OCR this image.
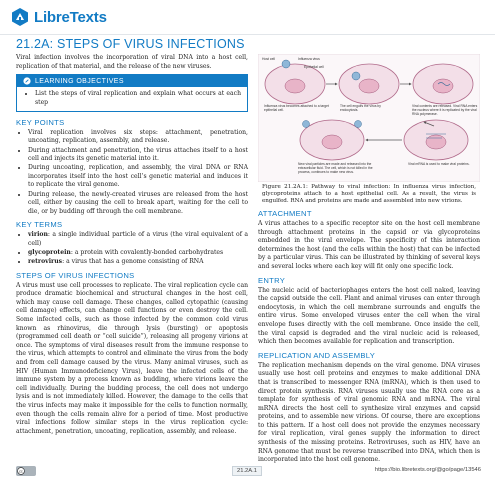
LibreTexts
21.2A: STEPS OF VIRUS INFECTIONS

Viral infection involves the incorporation of viral DNA into a host cell, replication of that material, and the release of the new viruses.

LEARNING OBJECTIVES
• List the steps of viral replication and explain what occurs at each step
KEY POINTS
• Viral replication involves six steps: attachment, penetration, uncoating, replication, assembly, and release.
• During attachment and penetration, the virus attaches itself to a host cell and injects its genetic material into it.
• During uncoating, replication, and assembly, the viral DNA or RNA incorporates itself into the host cell’s genetic material and induces it to replicate the viral genome.
• During release, the newly-created viruses are released from the host cell, either by causing the cell to break apart, waiting for the cell to die, or by budding off through the cell membrane.
KEY TERMS
• virion: a single individual particle of a virus (the viral equivalent of a cell)
• glycoprotein: a protein with covalently-bonded carbohydrates
• retrovirus: a virus that has a genome consisting of RNA
STEPS OF VIRUS INFECTIONS

A virus must use cell processes to replicate. The viral replication cycle can produce dramatic biochemical and structural changes in the host cell, which may cause cell damage. These changes, called cytopathic (causing cell damage) effects, can change cell functions or even destroy the cell. Some infected cells, such as those infected by the common cold virus known as rhinovirus, die through lysis (bursting) or apoptosis (programmed cell death or “cell suicide”), releasing all progeny virions at once. The symptoms of viral diseases result from the immune response to the virus, which attempts to control and eliminate the virus from the body and from cell damage caused by the virus. Many animal viruses, such as HIV (Human Immunodeficiency Virus), leave the infected cells of the immune system by a process known as budding, where virions leave the cell individually. During the budding process, the cell does not undergo lysis and is not immediately killed. However, the damage to the cells that the virus infects may make it impossible for the cells to function normally, even though the cells remain alive for a period of time. Most productive viral infections follow similar steps in the virus replication cycle: attachment, penetration, uncoating, replication, assembly, and release.

Host cell	Influenza virus
Epithelial cell
Influenza virus becomes attached to a target epithelial cell.
The cell engulfs the virus by endocytosis.
Viral contents are released. Viral RNA enters the nucleus where it is replicated by the viral RNA polymerase.
New viral particles are made and released into the extracellular fluid. The cell, which is not killed in the process, continues to make new virus.
Viral mRNA is used to make viral proteins.

Figure 21.2A.1: Pathway to viral infection: In influenza virus infection, glycoproteins attach to a host epithelial cell. As a result, the virus is engulfed. RNA and proteins are made and assembled into new virions.

ATTACHMENT

A virus attaches to a specific receptor site on the host cell membrane through attachment proteins in the capsid or via glycoproteins embedded in the viral envelope. The specificity of this interaction determines the host (and the cells within the host) that can be infected by a particular virus. This can be illustrated by thinking of several keys and several locks where each key will fit only one specific lock.

ENTRY

The nucleic acid of bacteriophages enters the host cell naked, leaving the capsid outside the cell. Plant and animal viruses can enter through endocytosis, in which the cell membrane surrounds and engulfs the entire virus. Some enveloped viruses enter the cell when the viral envelope fuses directly with the cell membrane. Once inside the cell, the viral capsid is degraded and the viral nucleic acid is released, which then becomes available for replication and transcription.

REPLICATION AND ASSEMBLY

The replication mechanism depends on the viral genome. DNA viruses usually use host cell proteins and enzymes to make additional DNA that is transcribed to messenger RNA (mRNA), which is then used to direct protein synthesis. RNA viruses usually use the RNA core as a template for synthesis of viral genomic RNA and mRNA. The viral mRNA directs the host cell to synthesize viral enzymes and capsid proteins, and to assemble new virions. Of course, there are exceptions to this pattern. If a host cell does not provide the enzymes necessary for viral replication, viral genes supply the information to direct synthesis of the missing proteins. Retroviruses, such as HIV, have an RNA genome that must be reverse transcribed into DNA, which then is incorporated into the host cell genome.

cc	21.2A.1	https://bio.libretexts.org/@go/page/13546
